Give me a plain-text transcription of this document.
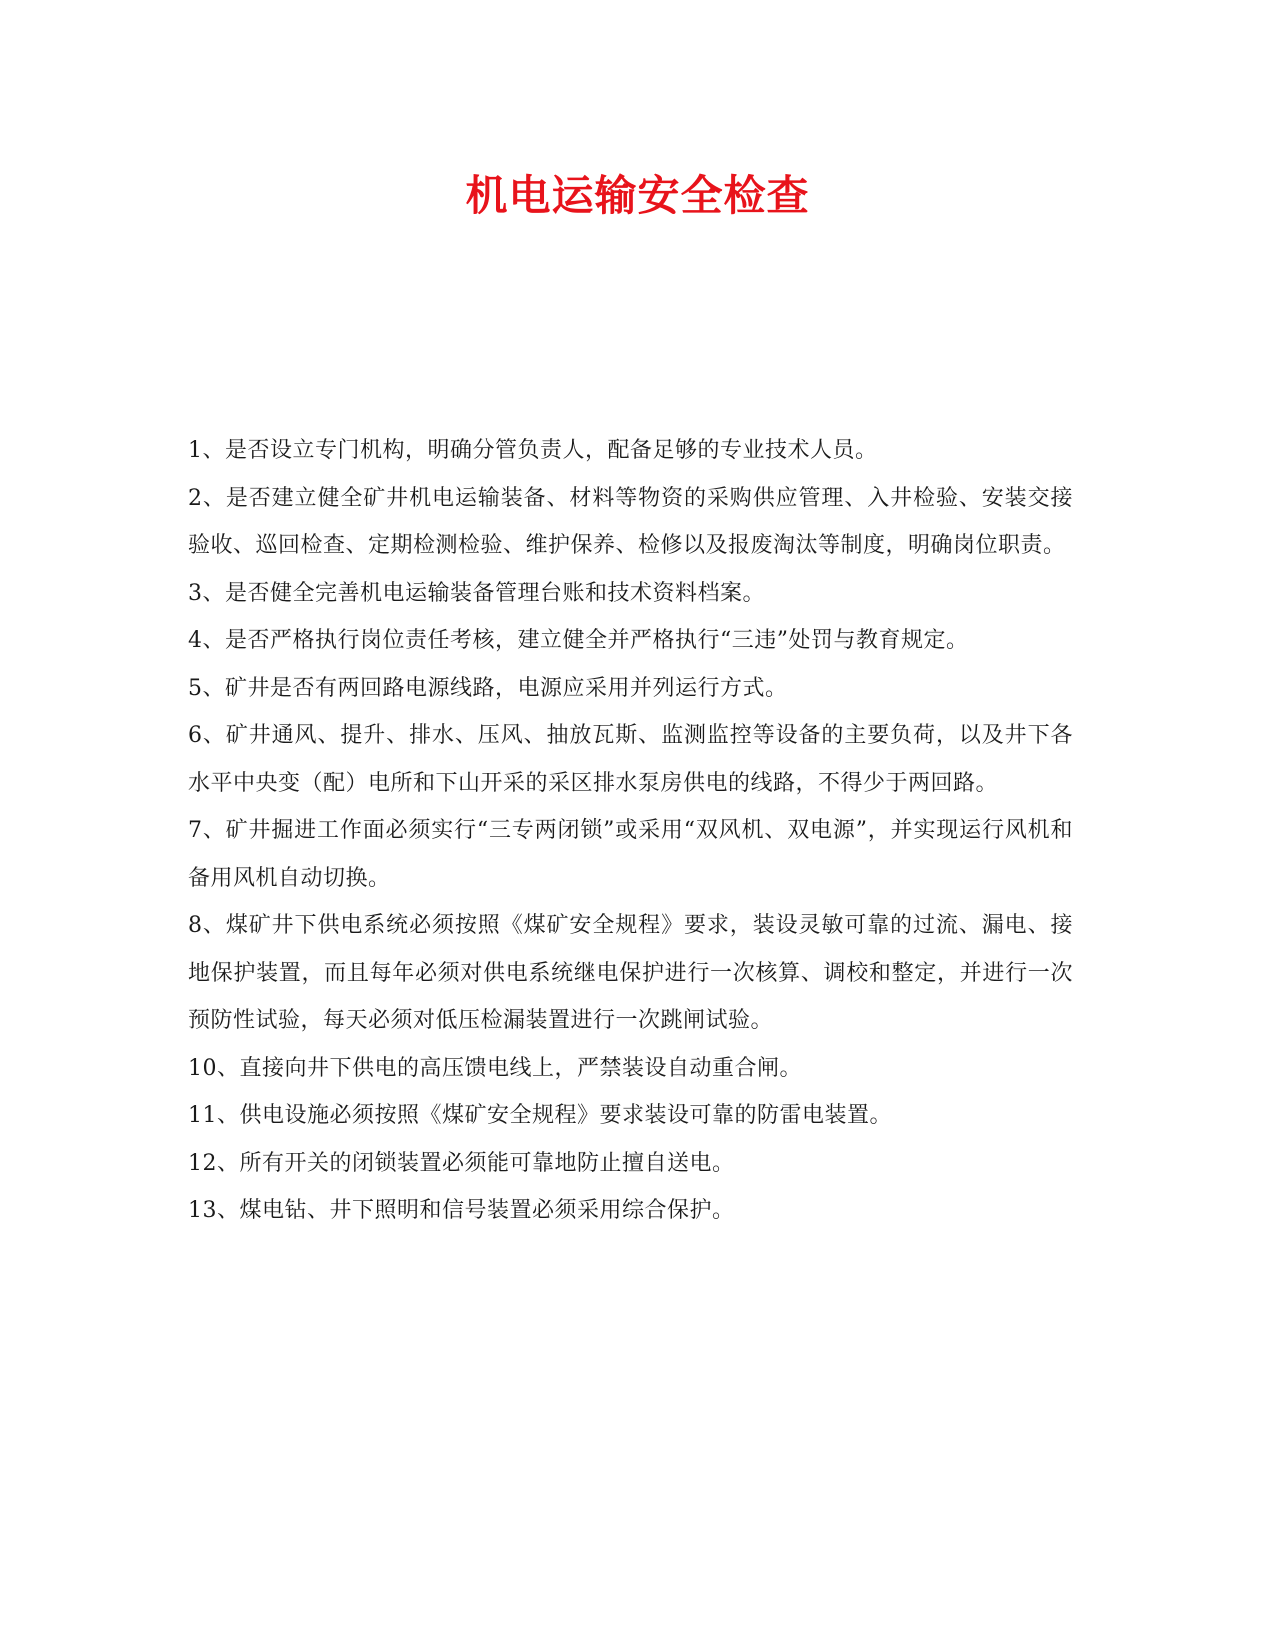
机电运输安全检查
1、是否设立专门机构，明确分管负责人，配备足够的专业技术人员。
2、是否建立健全矿井机电运输装备、材料等物资的采购供应管理、入井检验、安装交接验收、巡回检查、定期检测检验、维护保养、检修以及报废淘汰等制度，明确岗位职责。
3、是否健全完善机电运输装备管理台账和技术资料档案。
4、是否严格执行岗位责任考核，建立健全并严格执行“三违”处罚与教育规定。
5、矿井是否有两回路电源线路，电源应采用并列运行方式。
6、矿井通风、提升、排水、压风、抽放瓦斯、监测监控等设备的主要负荷，以及井下各水平中央变（配）电所和下山开采的采区排水泵房供电的线路，不得少于两回路。
7、矿井掘进工作面必须实行“三专两闭锁”或采用“双风机、双电源”，并实现运行风机和备用风机自动切换。
8、煤矿井下供电系统必须按照《煤矿安全规程》要求，装设灵敏可靠的过流、漏电、接地保护装置，而且每年必须对供电系统继电保护进行一次核算、调校和整定，并进行一次预防性试验，每天必须对低压检漏装置进行一次跳闸试验。
10、直接向井下供电的高压馈电线上，严禁装设自动重合闸。
11、供电设施必须按照《煤矿安全规程》要求装设可靠的防雷电装置。
12、所有开关的闭锁装置必须能可靠地防止擅自送电。
13、煤电钻、井下照明和信号装置必须采用综合保护。
